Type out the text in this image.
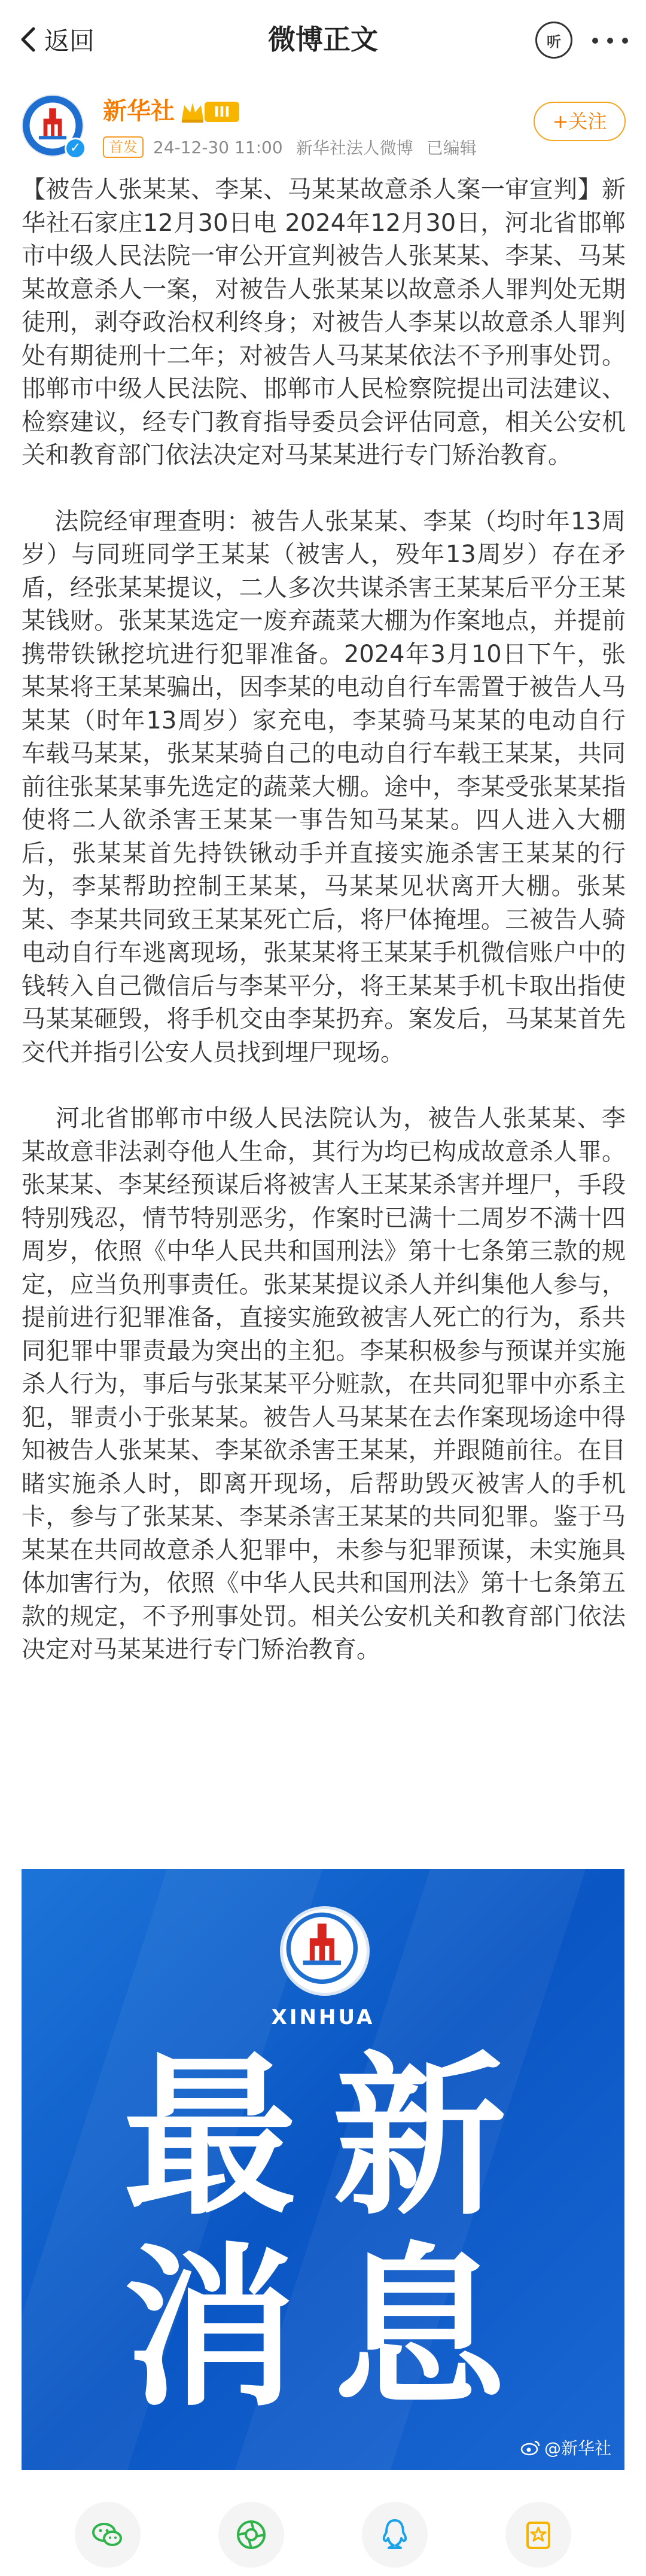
返回	微博正文	听
✓
新华社	III
首发 24-12-30 11:00 新华社法人微博 已编辑
+关注
【被告人张某某、李某、马某某故意杀人案一审宣判】新华社石家庄12月30日电 2024年12月30日，河北省邯郸市中级人民法院一审公开宣判被告人张某某、李某、马某某故意杀人一案，对被告人张某某以故意杀人罪判处无期徒刑，剥夺政治权利终身；对被告人李某以故意杀人罪判处有期徒刑十二年；对被告人马某某依法不予刑事处罚。邯郸市中级人民法院、邯郸市人民检察院提出司法建议、检察建议，经专门教育指导委员会评估同意，相关公安机关和教育部门依法决定对马某某进行专门矫治教育。
法院经审理查明：被告人张某某、李某（均时年13周岁）与同班同学王某某（被害人，殁年13周岁）存在矛盾，经张某某提议，二人多次共谋杀害王某某后平分王某某钱财。张某某选定一废弃蔬菜大棚为作案地点，并提前携带铁锹挖坑进行犯罪准备。2024年3月10日下午，张某某将王某某骗出，因李某的电动自行车需置于被告人马某某（时年13周岁）家充电，李某骑马某某的电动自行车载马某某，张某某骑自己的电动自行车载王某某，共同前往张某某事先选定的蔬菜大棚。途中，李某受张某某指使将二人欲杀害王某某一事告知马某某。四人进入大棚后，张某某首先持铁锹动手并直接实施杀害王某某的行为，李某帮助控制王某某，马某某见状离开大棚。张某某、李某共同致王某某死亡后，将尸体掩埋。三被告人骑电动自行车逃离现场，张某某将王某某手机微信账户中的钱转入自己微信后与李某平分，将王某某手机卡取出指使马某某砸毁，将手机交由李某扔弃。案发后，马某某首先交代并指引公安人员找到埋尸现场。
河北省邯郸市中级人民法院认为，被告人张某某、李某故意非法剥夺他人生命，其行为均已构成故意杀人罪。张某某、李某经预谋后将被害人王某某杀害并埋尸，手段特别残忍，情节特别恶劣，作案时已满十二周岁不满十四周岁，依照《中华人民共和国刑法》第十七条第三款的规定，应当负刑事责任。张某某提议杀人并纠集他人参与，提前进行犯罪准备，直接实施致被害人死亡的行为，系共同犯罪中罪责最为突出的主犯。李某积极参与预谋并实施杀人行为，事后与张某某平分赃款，在共同犯罪中亦系主犯，罪责小于张某某。被告人马某某在去作案现场途中得知被告人张某某、李某欲杀害王某某，并跟随前往。在目睹实施杀人时，即离开现场，后帮助毁灭被害人的手机卡，参与了张某某、李某杀害王某某的共同犯罪。鉴于马某某在共同故意杀人犯罪中，未参与犯罪预谋，未实施具体加害行为，依照《中华人民共和国刑法》第十七条第五款的规定，不予刑事处罚。相关公安机关和教育部门依法决定对马某某进行专门矫治教育。
XINHUA
最 新
消 息
@新华社
